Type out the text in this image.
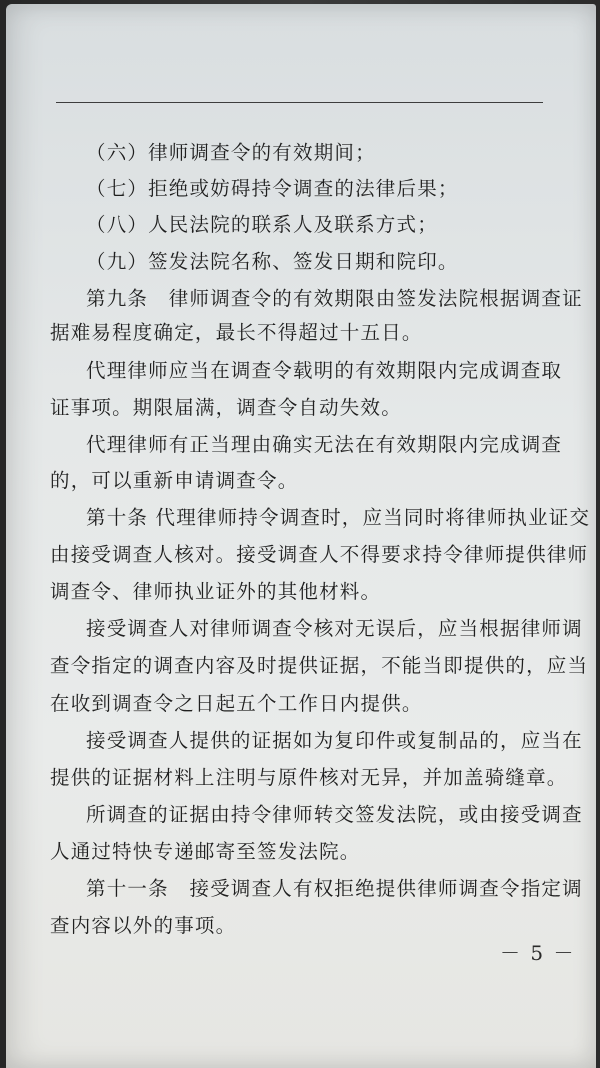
（六）律师调查令的有效期间；
（七）拒绝或妨碍持令调查的法律后果；
（八）人民法院的联系人及联系方式；
（九）签发法院名称、签发日期和院印。
第九条　律师调查令的有效期限由签发法院根据调查证
据难易程度确定，最长不得超过十五日。
代理律师应当在调查令载明的有效期限内完成调查取
证事项。期限届满，调查令自动失效。
代理律师有正当理由确实无法在有效期限内完成调查
的，可以重新申请调查令。
第十条 代理律师持令调查时，应当同时将律师执业证交
由接受调查人核对。接受调查人不得要求持令律师提供律师
调查令、律师执业证外的其他材料。
接受调查人对律师调查令核对无误后，应当根据律师调
查令指定的调查内容及时提供证据，不能当即提供的，应当
在收到调查令之日起五个工作日内提供。
接受调查人提供的证据如为复印件或复制品的，应当在
提供的证据材料上注明与原件核对无异，并加盖骑缝章。
所调查的证据由持令律师转交签发法院，或由接受调查
人通过特快专递邮寄至签发法院。
第十一条　接受调查人有权拒绝提供律师调查令指定调
查内容以外的事项。
－ 5 －
